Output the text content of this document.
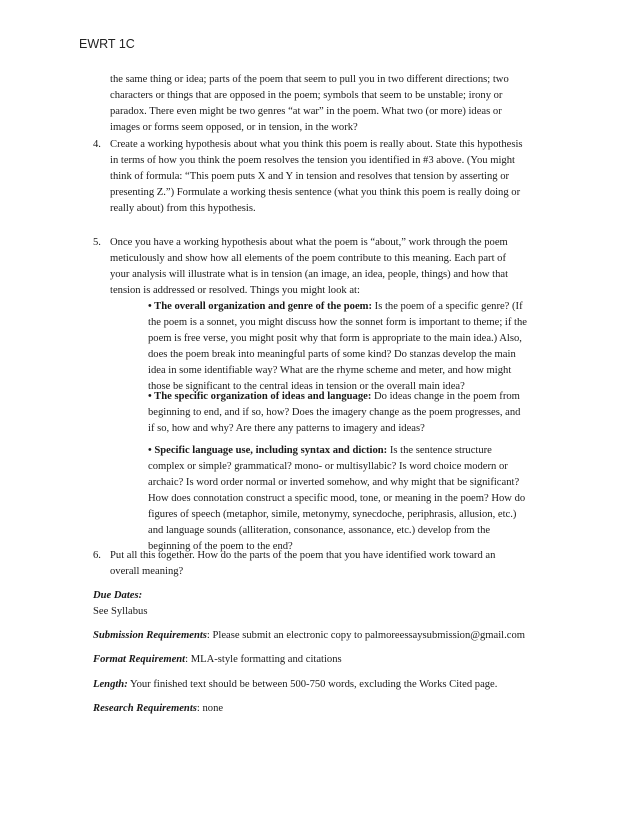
EWRT 1C
the same thing or idea; parts of the poem that seem to pull you in two different directions; two
characters or things that are opposed in the poem; symbols that seem to be unstable; irony or
paradox. There even might be two genres “at war” in the poem. What two (or more) ideas or
images or forms seem opposed, or in tension, in the work?
4. Create a working hypothesis about what you think this poem is really about. State this hypothesis
in terms of how you think the poem resolves the tension you identified in #3 above. (You might
think of formula: “This poem puts X and Y in tension and resolves that tension by asserting or
presenting Z.”) Formulate a working thesis sentence (what you think this poem is really doing or
really about) from this hypothesis.
5. Once you have a working hypothesis about what the poem is “about,” work through the poem
meticulously and show how all elements of the poem contribute to this meaning. Each part of
your analysis will illustrate what is in tension (an image, an idea, people, things) and how that
tension is addressed or resolved. Things you might look at:
• The overall organization and genre of the poem: Is the poem of a specific genre? (If
the poem is a sonnet, you might discuss how the sonnet form is important to theme; if the
poem is free verse, you might posit why that form is appropriate to the main idea.) Also,
does the poem break into meaningful parts of some kind? Do stanzas develop the main
idea in some identifiable way? What are the rhyme scheme and meter, and how might
those be significant to the central ideas in tension or the overall main idea?
• The specific organization of ideas and language: Do ideas change in the poem from
beginning to end, and if so, how? Does the imagery change as the poem progresses, and
if so, how and why? Are there any patterns to imagery and ideas?
• Specific language use, including syntax and diction: Is the sentence structure
complex or simple? grammatical? mono- or multisyllabic? Is word choice modern or
archaic? Is word order normal or inverted somehow, and why might that be significant?
How does connotation construct a specific mood, tone, or meaning in the poem? How do
figures of speech (metaphor, simile, metonymy, synecdoche, periphrasis, allusion, etc.)
and language sounds (alliteration, consonance, assonance, etc.) develop from the
beginning of the poem to the end?
6. Put all this together. How do the parts of the poem that you have identified work toward an
overall meaning?
Due Dates:
See Syllabus
Submission Requirements: Please submit an electronic copy to palmoreessaysubmission@gmail.com
Format Requirement: MLA-style formatting and citations
Length: Your finished text should be between 500-750 words, excluding the Works Cited page.
Research Requirements: none
